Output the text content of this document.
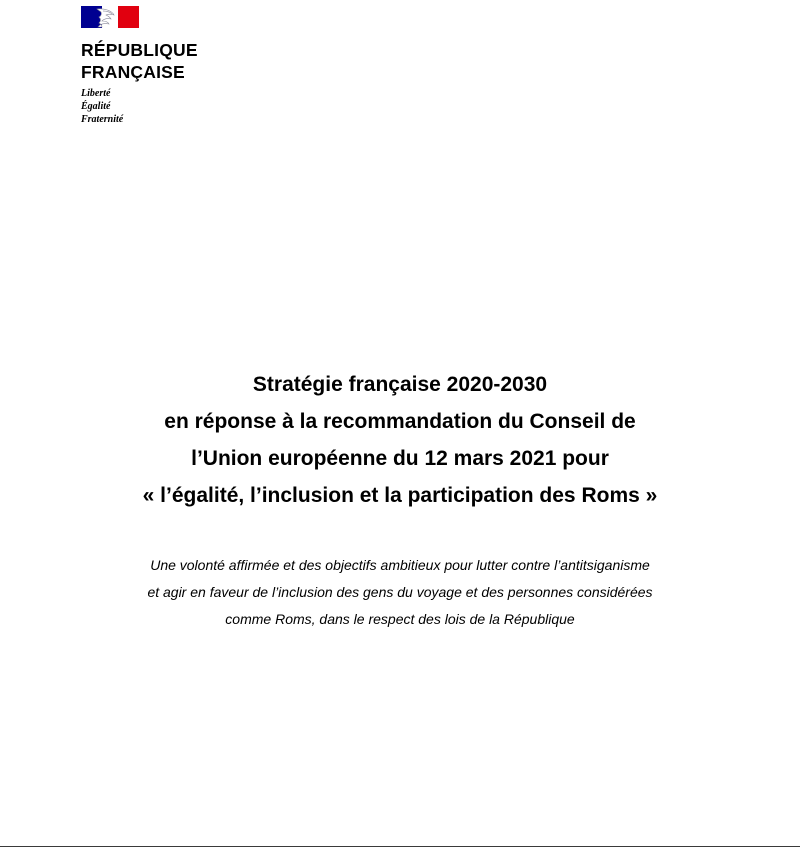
RÉPUBLIQUE
FRANÇAISE
Liberté
Égalité
Fraternité
Stratégie française 2020-2030
en réponse à la recommandation du Conseil de
l’Union européenne du 12 mars 2021 pour
« l’égalité, l’inclusion et la participation des Roms »
Une volonté affirmée et des objectifs ambitieux pour lutter contre l’antitsiganisme
et agir en faveur de l’inclusion des gens du voyage et des personnes considérées
comme Roms, dans le respect des lois de la République
